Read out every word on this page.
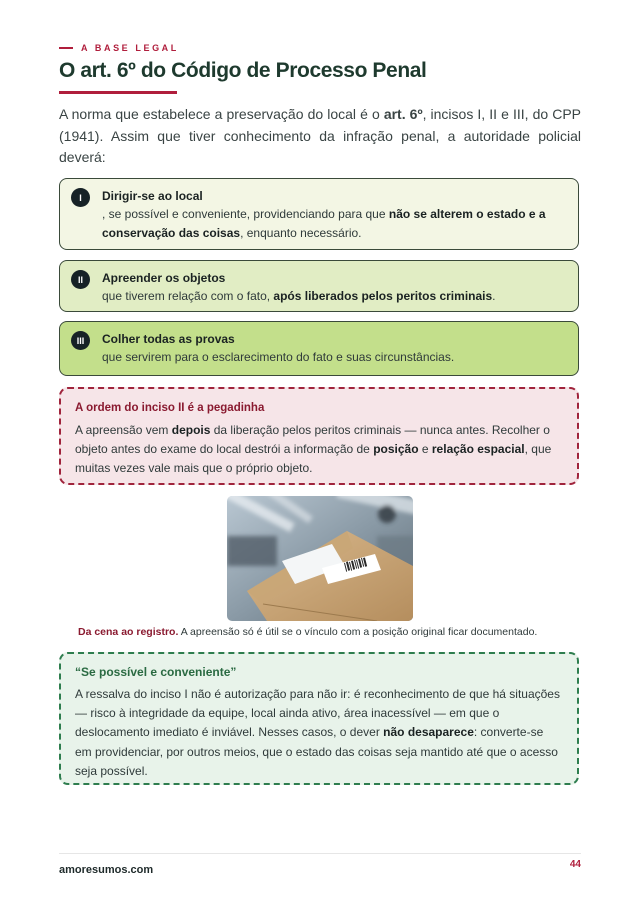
A BASE LEGAL
O art. 6º do Código de Processo Penal

A norma que estabelece a preservação do local é o art. 6º, incisos I, II e III, do CPP (1941). Assim que tiver conhecimento da infração penal, a autoridade policial deverá:

I	Dirigir-se ao local
, se possível e conveniente, providenciando para que não se alterem o estado e a conservação das coisas, enquanto necessário.
II	Apreender os objetos
que tiverem relação com o fato, após liberados pelos peritos criminais.
III	Colher todas as provas
que servirem para o esclarecimento do fato e suas circunstâncias.
A ordem do inciso II é a pegadinha
A apreensão vem depois da liberação pelos peritos criminais — nunca antes. Recolher o objeto antes do exame do local destrói a informação de posição e relação espacial, que muitas vezes vale mais que o próprio objeto.

Da cena ao registro. A apreensão só é útil se o vínculo com a posição original ficar documentado.

“Se possível e conveniente”
A ressalva do inciso I não é autorização para não ir: é reconhecimento de que há situações — risco à integridade da equipe, local ainda ativo, área inacessível — em que o deslocamento imediato é inviável. Nesses casos, o dever não desaparece: converte-se em providenciar, por outros meios, que o estado das coisas seja mantido até que o acesso seja possível.
amoresumos.com	44
